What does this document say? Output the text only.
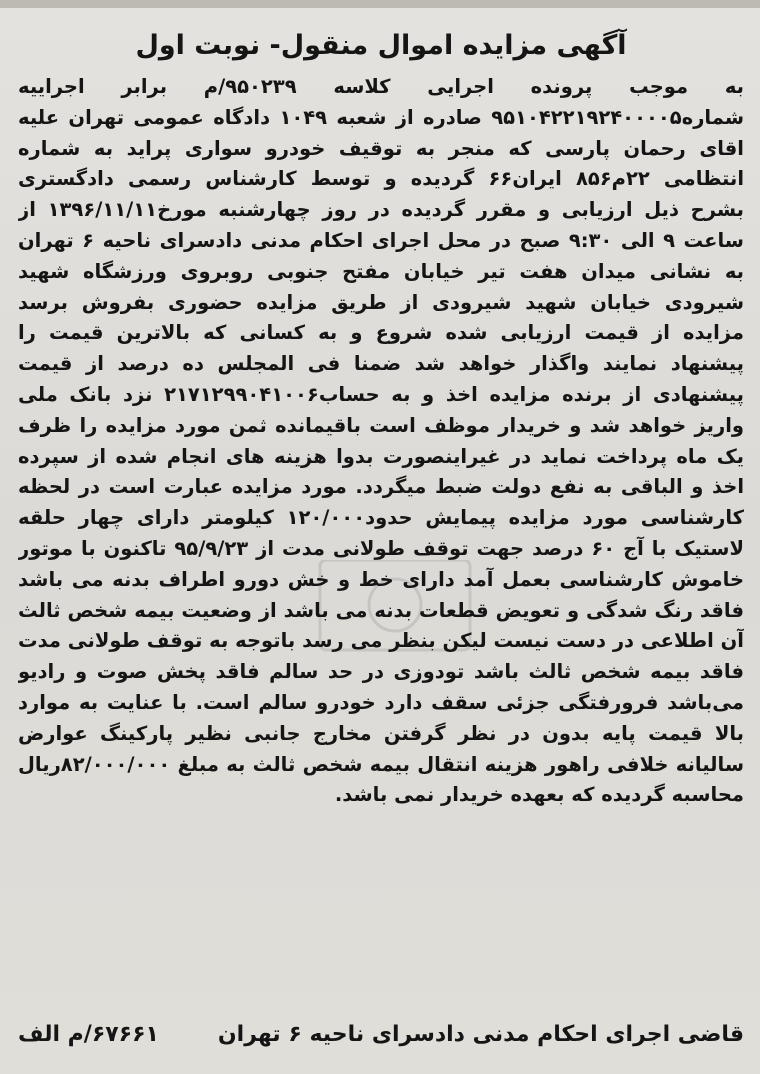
آگهی مزایده اموال منقول- نوبت اول

به موجب پرونده اجرایی کلاسه ۹۵۰۲۳۹/م برابر اجراییه شماره۹۵۱۰۴۲۲۱۹۲۴۰۰۰۰۵ صادره از شعبه ۱۰۴۹ دادگاه عمومی تهران علیه اقای رحمان پارسی که منجر به توقیف خودرو سواری پراید به شماره انتظامی ۲۲م۸۵۶ ایران۶۶ گردیده و توسط کارشناس رسمی دادگستری بشرح ذیل ارزیابی و مقرر گردیده در روز چهارشنبه مورخ۱۳۹۶/۱۱/۱۱ از ساعت ۹ الی ۹:۳۰ صبح در محل اجرای احکام مدنی دادسرای ناحیه ۶ تهران به نشانی میدان هفت تیر خیابان مفتح جنوبی روبروی ورزشگاه شهید شیرودی خیابان شهید شیرودی از طریق مزایده حضوری بفروش برسد مزایده از قیمت ارزیابی شده شروع و به کسانی که بالاترین قیمت را پیشنهاد نمایند واگذار خواهد شد ضمنا فی المجلس ده درصد از قیمت پیشنهادی از برنده مزایده اخذ و به حساب۲۱۷۱۲۹۹۰۴۱۰۰۶ نزد بانک ملی واریز خواهد شد و خریدار موظف است باقیمانده ثمن مورد مزایده را ظرف یک ماه پرداخت نماید در غیراینصورت بدوا هزینه های انجام شده از سپرده اخذ و الباقی به نفع دولت ضبط میگردد. مورد مزایده عبارت است در لحظه کارشناسی مورد مزایده پیمایش حدود۱۲۰/۰۰۰ کیلومتر دارای چهار حلقه لاستیک با آج ۶۰ درصد جهت توقف طولانی مدت از ۹۵/۹/۲۳ تاکنون با موتور خاموش کارشناسی بعمل آمد دارای خط و خش دورو اطراف بدنه می باشد فاقد رنگ شدگی و تعویض قطعات بدنه می باشد از وضعیت بیمه شخص ثالث آن اطلاعی در دست نیست لیکن بنظر می رسد باتوجه به توقف طولانی مدت فاقد بیمه شخص ثالث باشد تودوزی در حد سالم فاقد پخش صوت و رادیو می‌باشد فرورفتگی جزئی سقف دارد خودرو سالم است. با عنایت به موارد بالا قیمت پایه بدون در نظر گرفتن مخارج جانبی نظیر پارکینگ عوارض سالیانه خلافی راهور هزینه انتقال بیمه شخص ثالث به مبلغ ۸۲/۰۰۰/۰۰۰ریال محاسبه گردیده که بعهده خریدار نمی باشد.

قاضی اجرای احکام مدنی دادسرای ناحیه ۶ تهران
۶۷۶۶۱/م الف
